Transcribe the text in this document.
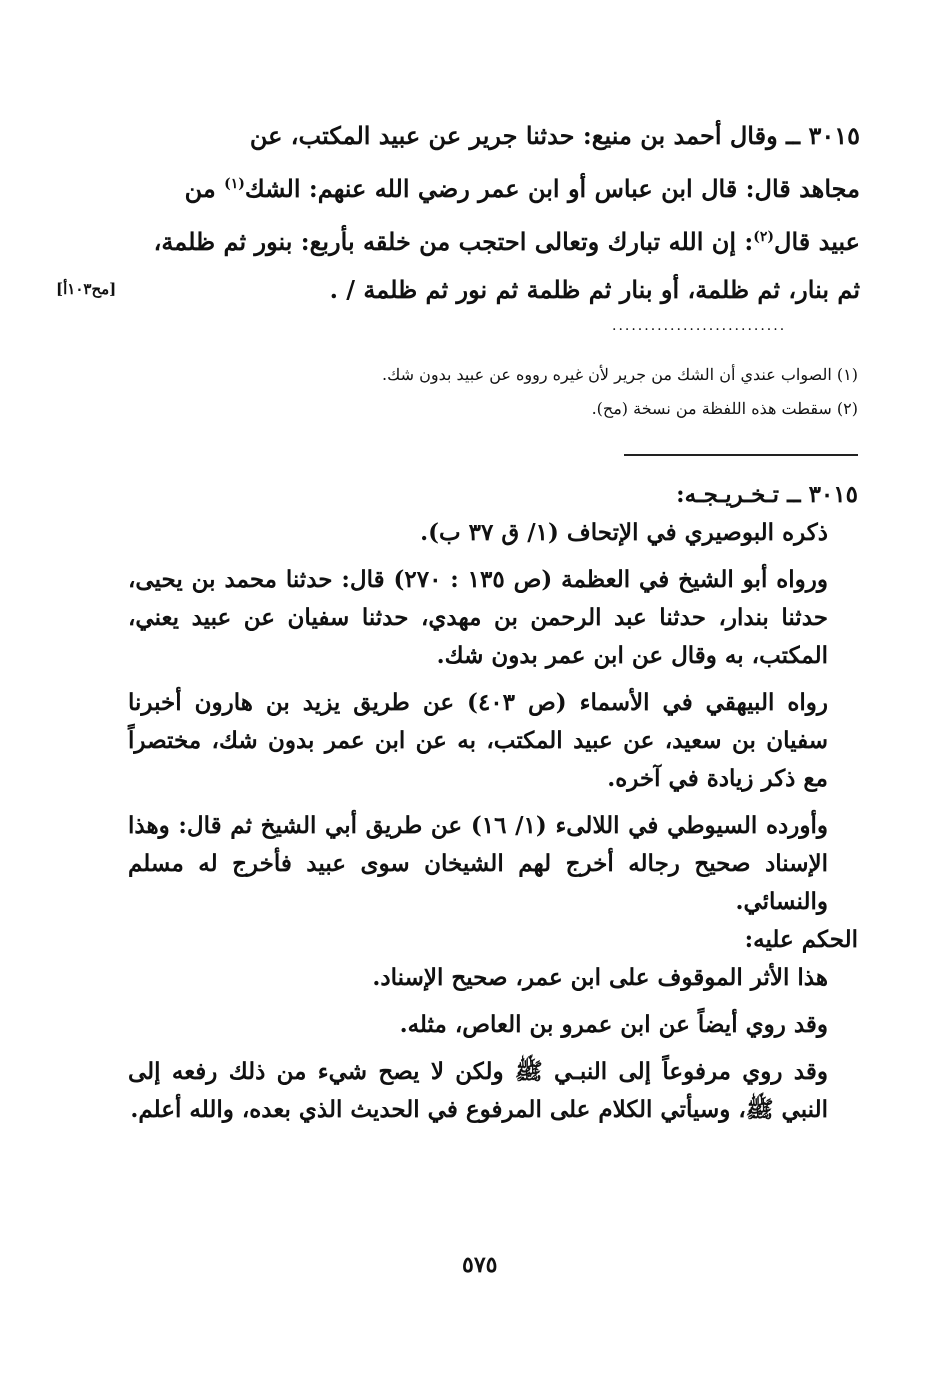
٣٠١٥ ــ وقال أحمد بن منيع: حدثنا جرير عن عبيد المكتب، عن

مجاهد قال: قال ابن عباس أو ابن عمر رضي الله عنهم: الشك$^{(١)}$ من

عبيد قال$^{(٢)}$: إن الله تبارك وتعالى احتجب من خلقه بأربع: بنور ثم ظلمة،

ثم بنار، ثم ظلمة، أو بنار ثم ظلمة ثم نور ثم ظلمة / .

[مح١٠٣أ]
...........................
(١) الصواب عندي أن الشك من جرير لأن غيره رووه عن عبيد بدون شك.
(٢) سقطت هذه اللفظة من نسخة (مح).

٣٠١٥ ــ تـخـريـجـه:

ذكره البوصيري في الإتحاف (١/ ق ٣٧ ب).

ورواه أبو الشيخ في العظمة (ص ١٣٥ : ٢٧٠) قال: حدثنا محمد بن يحيى، حدثنا بندار، حدثنا عبد الرحمن بن مهدي، حدثنا سفيان عن عبيد يعني، المكتب، به وقال عن ابن عمر بدون شك.

رواه البيهقي في الأسماء (ص ٤٠٣) عن طريق يزيد بن هارون أخبرنا سفيان بن سعيد، عن عبيد المكتب، به عن ابن عمر بدون شك، مختصراً مع ذكر زيادة في آخره.

وأورده السيوطي في اللالىء (١/ ١٦) عن طريق أبي الشيخ ثم قال: وهذا الإسناد صحيح رجاله أخرج لهم الشيخان سوى عبيد فأخرج له مسلم والنسائي.

الحكم عليه:

هذا الأثر الموقوف على ابن عمر، صحيح الإسناد.

وقد روي أيضاً عن ابن عمرو بن العاص، مثله.

وقد روي مرفوعاً إلى النبـي ﷺ ولكن لا يصح شيء من ذلك رفعه إلى النبي ﷺ، وسيأتي الكلام على المرفوع في الحديث الذي بعده، والله أعلم.

٥٧٥
